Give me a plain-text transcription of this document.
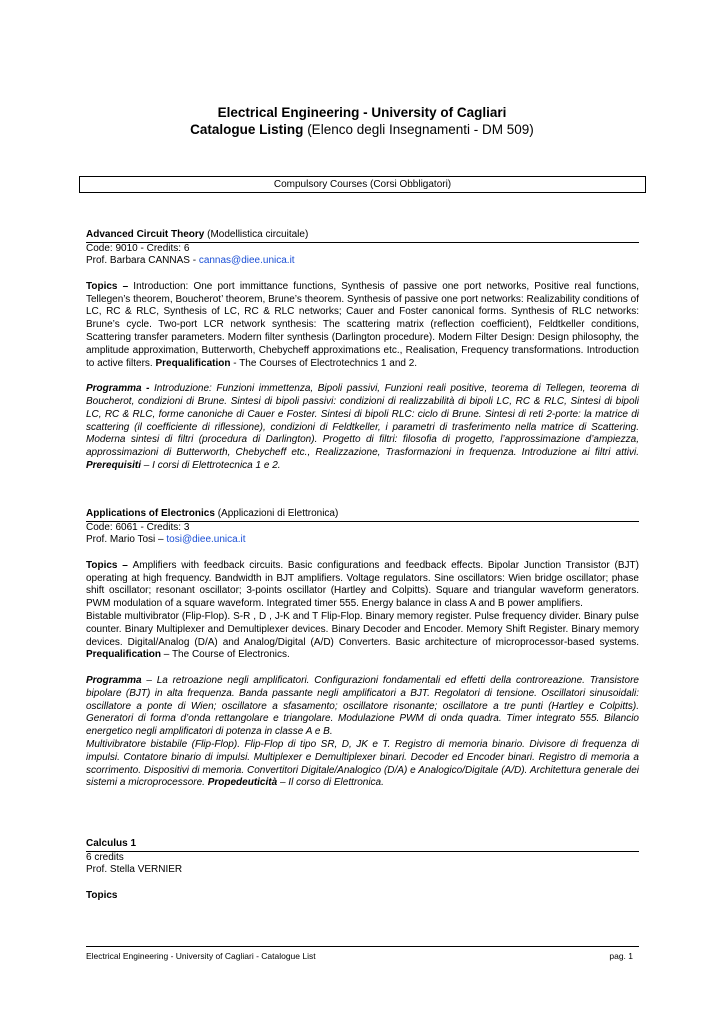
Electrical Engineering - University of Cagliari
Catalogue Listing (Elenco degli Insegnamenti - DM 509)
Compulsory Courses (Corsi Obbligatori)
Advanced Circuit Theory (Modellistica circuitale)
Code: 9010 - Credits: 6
Prof. Barbara CANNAS - cannas@diee.unica.it

Topics – Introduction: One port immittance functions, Synthesis of passive one port networks, Positive real functions, Tellegen’s theorem, Boucherot’ theorem, Brune’s theorem. Synthesis of passive one port networks: Realizability conditions of LC, RC & RLC, Synthesis of LC, RC & RLC networks; Cauer and Foster canonical forms. Synthesis of RLC networks: Brune’s cycle. Two-port LCR network synthesis: The scattering matrix (reflection coefficient), Feldtkeller conditions, Scattering transfer parameters. Modern filter synthesis (Darlington procedure). Modern Filter Design: Design philosophy, the amplitude approximation, Butterworth, Chebycheff approximations etc., Realisation, Frequency transformations. Introduction to active filters. Prequalification - The Courses of Electrotechnics 1 and 2.

Programma - Introduzione: Funzioni immettenza, Bipoli passivi, Funzioni reali positive, teorema di Tellegen, teorema di Boucherot, condizioni di Brune. Sintesi di bipoli passivi: condizioni di realizzabilità di bipoli LC, RC & RLC, Sintesi di bipoli LC, RC & RLC, forme canoniche di Cauer e Foster. Sintesi di bipoli RLC: ciclo di Brune. Sintesi di reti 2-porte: la matrice di scattering (il coefficiente di riflessione), condizioni di Feldtkeller, i parametri di trasferimento nella matrice di Scattering. Moderna sintesi di filtri (procedura di Darlington). Progetto di filtri: filosofia di progetto, l’approssimazione d’ampiezza, approssimazioni di Butterworth, Chebycheff etc., Realizzazione, Trasformazioni in frequenza. Introduzione ai filtri attivi. Prerequisiti – I corsi di Elettrotecnica 1 e 2.

Applications of Electronics (Applicazioni di Elettronica)
Code: 6061 - Credits: 3
Prof. Mario Tosi – tosi@diee.unica.it

Topics – Amplifiers with feedback circuits. Basic configurations and feedback effects. Bipolar Junction Transistor (BJT) operating at high frequency. Bandwidth in BJT amplifiers. Voltage regulators. Sine oscillators: Wien bridge oscillator; phase shift oscillator; resonant oscillator; 3-points oscillator (Hartley and Colpitts). Square and triangular waveform generators. PWM modulation of a square waveform. Integrated timer 555. Energy balance in class A and B power amplifiers.

Bistable multivibrator (Flip-Flop). S-R , D , J-K and T Flip-Flop. Binary memory register. Pulse frequency divider. Binary pulse counter. Binary Multiplexer and Demultiplexer devices. Binary Decoder and Encoder. Memory Shift Register. Binary memory devices. Digital/Analog (D/A) and Analog/Digital (A/D) Converters. Basic architecture of microprocessor-based systems. Prequalification – The Course of Electronics.

Programma – La retroazione negli amplificatori. Configurazioni fondamentali ed effetti della controreazione. Transistore bipolare (BJT) in alta frequenza. Banda passante negli amplificatori a BJT. Regolatori di tensione. Oscillatori sinusoidali: oscillatore a ponte di Wien; oscillatore a sfasamento; oscillatore risonante; oscillatore a tre punti (Hartley e Colpitts). Generatori di forma d’onda rettangolare e triangolare. Modulazione PWM di onda quadra. Timer integrato 555. Bilancio energetico negli amplificatori di potenza in classe A e B.

Multivibratore bistabile (Flip-Flop). Flip-Flop di tipo SR, D, JK e T. Registro di memoria binario. Divisore di frequenza di impulsi. Contatore binario di impulsi. Multiplexer e Demultiplexer binari. Decoder ed Encoder binari. Registro di memoria a scorrimento. Dispositivi di memoria. Convertitori Digitale/Analogico (D/A) e Analogico/Digitale (A/D). Architettura generale dei sistemi a microprocessore. Propedeuticità – Il corso di Elettronica.

Calculus 1
6 credits
Prof. Stella VERNIER
Topics
Electrical Engineering - University of Cagliari - Catalogue List	pag. 1
